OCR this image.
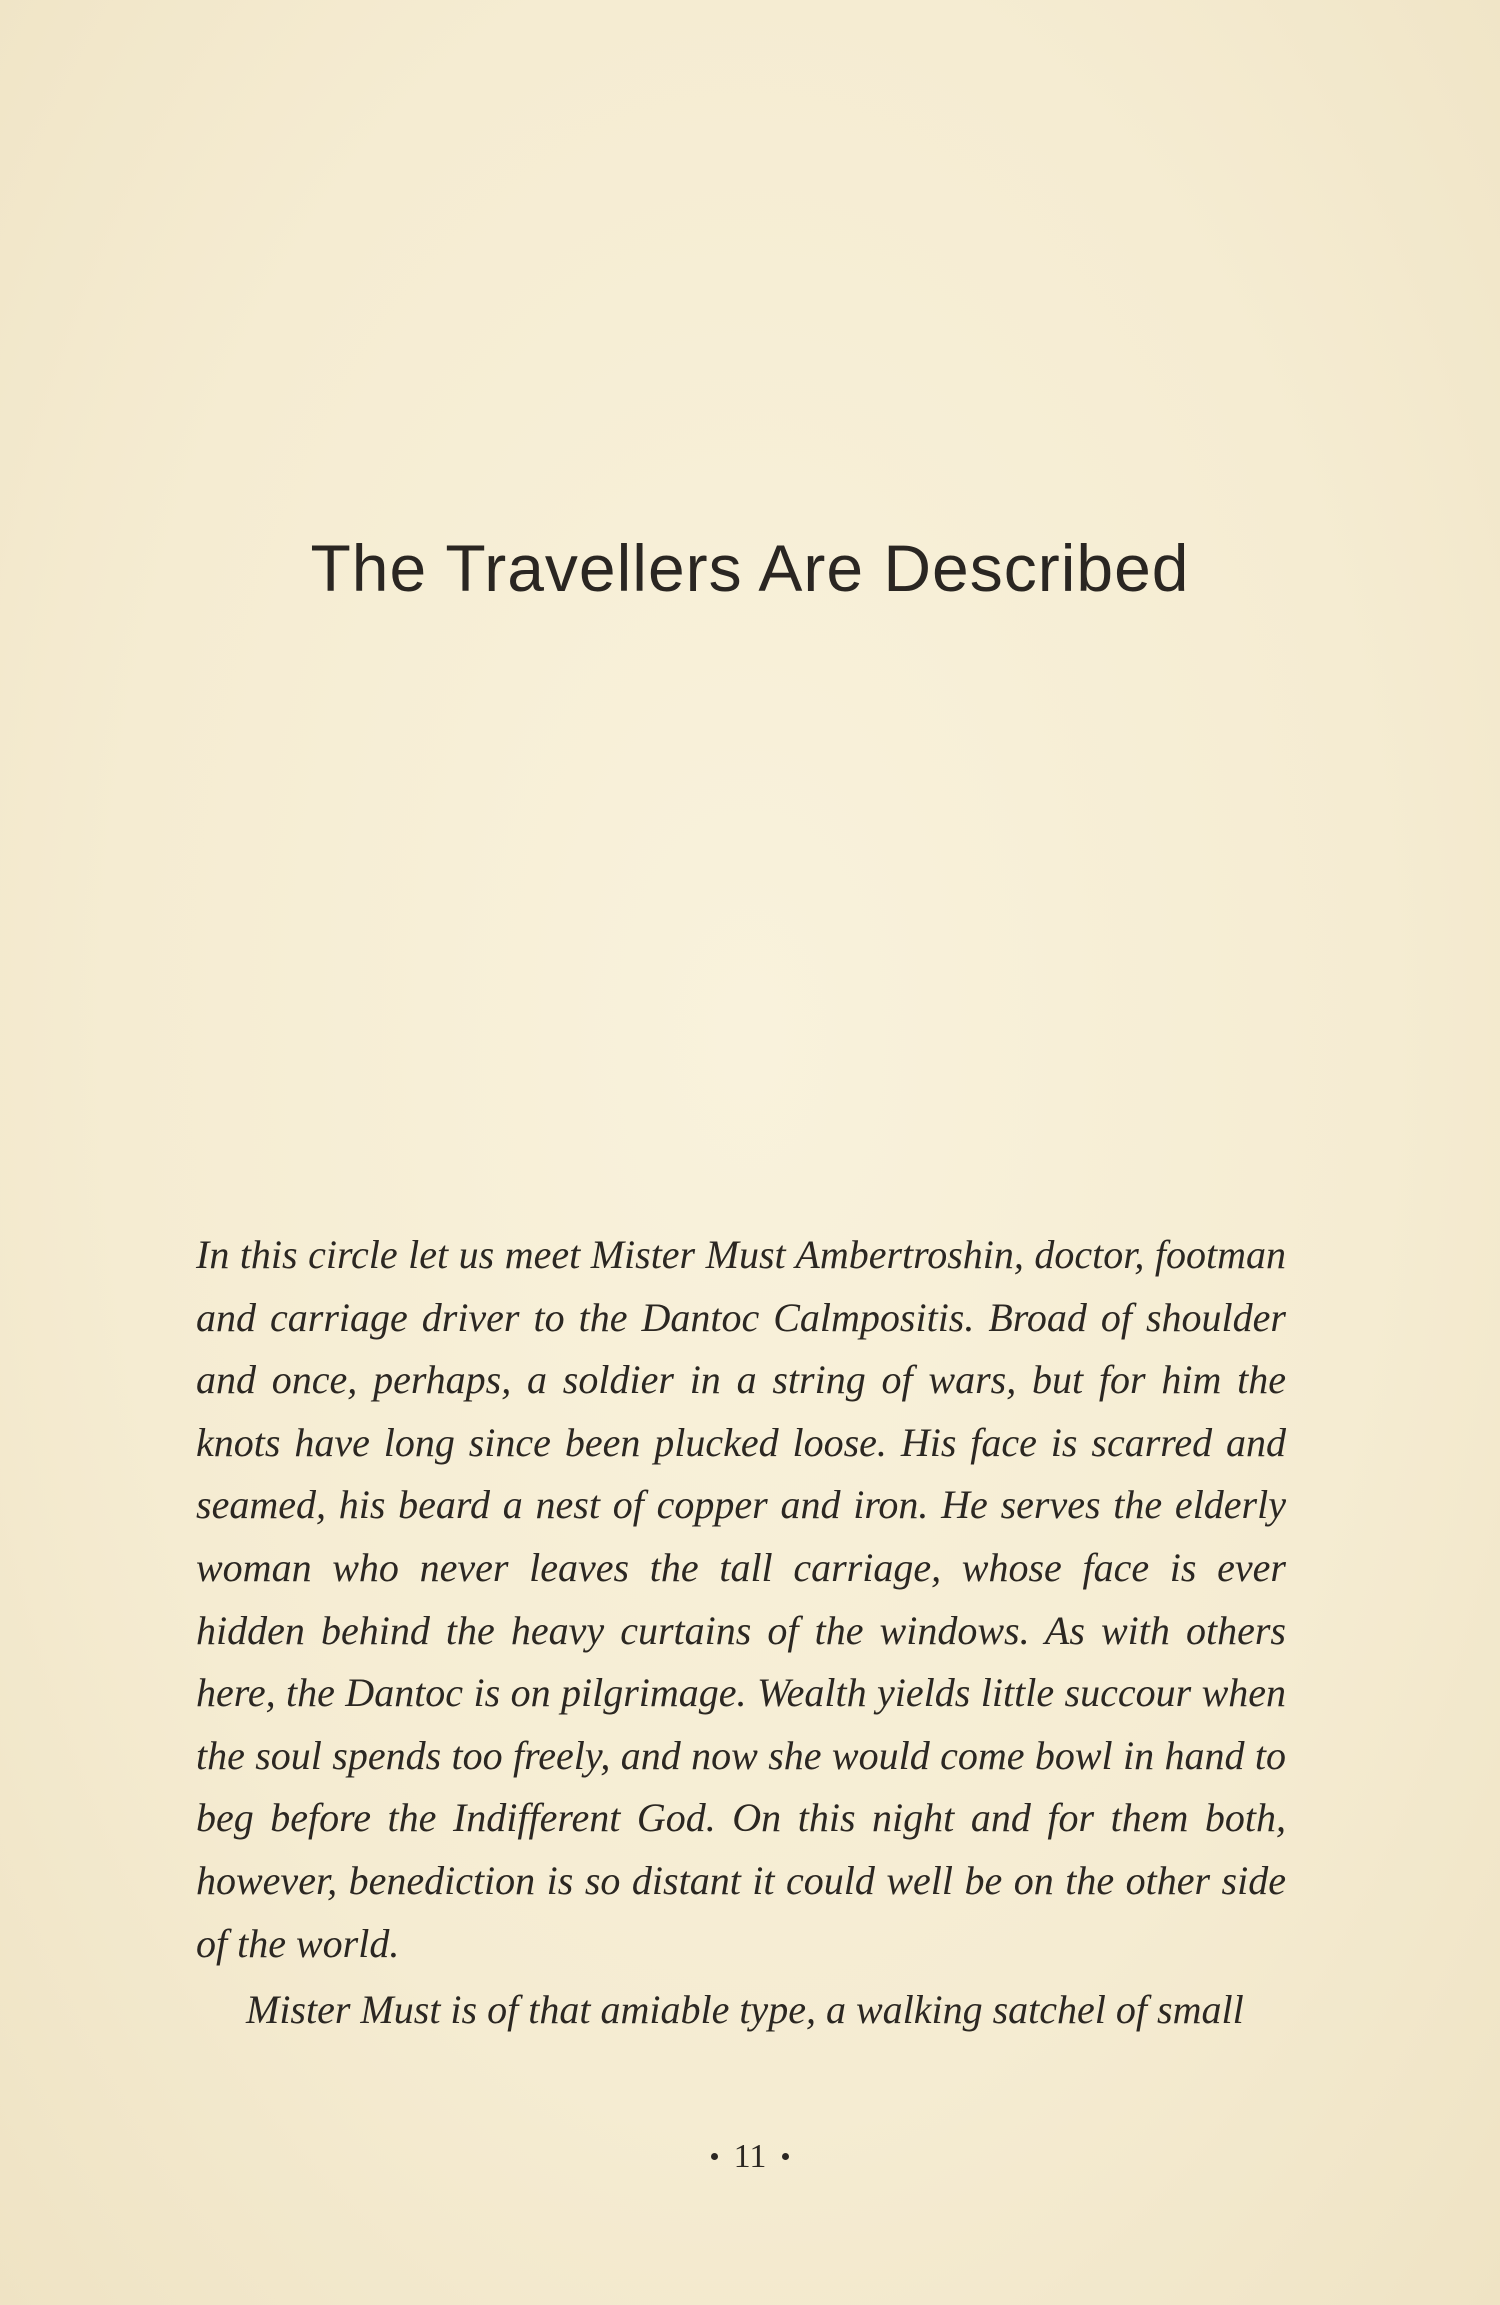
The Travellers Are Described

In this circle let us meet Mister Must Ambertroshin, doctor, footman and carriage driver to the Dantoc Calmpositis. Broad of shoulder and once, perhaps, a soldier in a string of wars, but for him the knots have long since been plucked loose. His face is scarred and seamed, his beard a nest of copper and iron. He serves the elderly woman who never leaves the tall carriage, whose face is ever hidden behind the heavy curtains of the windows. As with others here, the Dantoc is on pilgrimage. Wealth yields little succour when the soul spends too freely, and now she would come bowl in hand to beg before the Indifferent God. On this night and for them both, however, benediction is so distant it could well be on the other side of the world.

Mister Must is of that amiable type, a walking satchel of small

11
